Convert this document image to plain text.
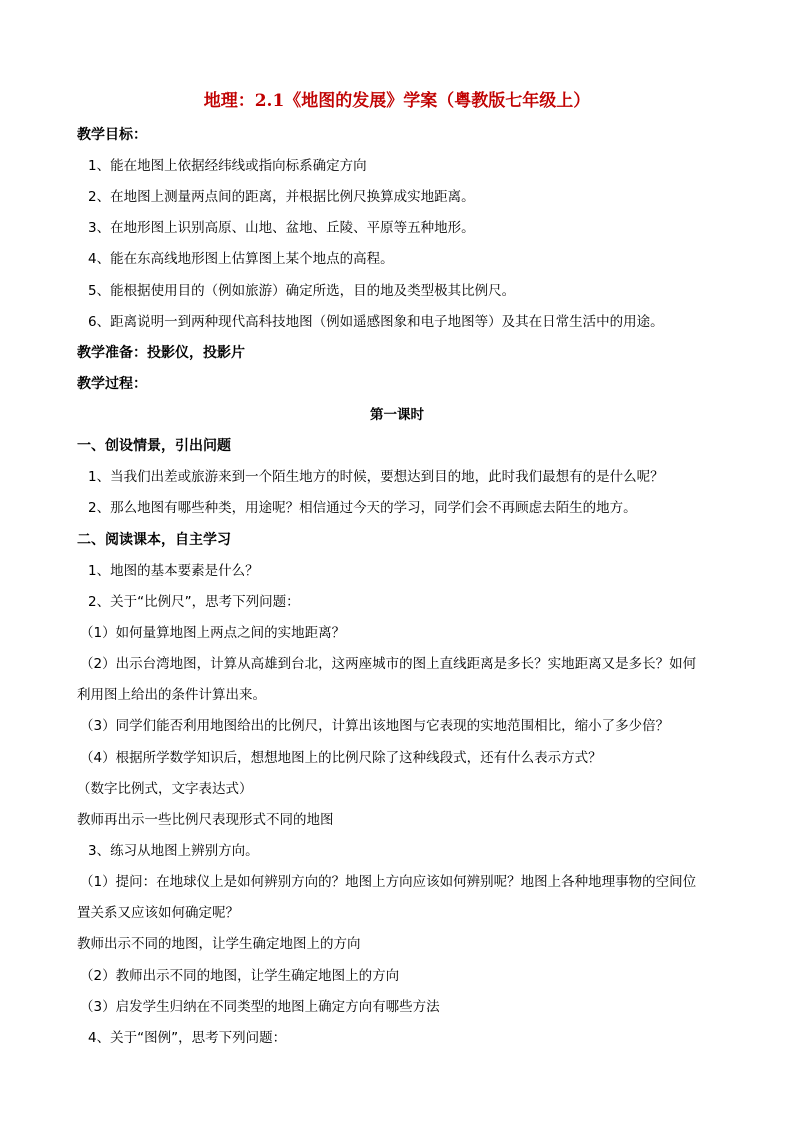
地理：2.1《地图的发展》学案（粤教版七年级上）
教学目标：
1、能在地图上依据经纬线或指向标系确定方向
2、在地图上测量两点间的距离，并根据比例尺换算成实地距离。
3、在地形图上识别高原、山地、盆地、丘陵、平原等五种地形。
4、能在东高线地形图上估算图上某个地点的高程。
5、能根据使用目的（例如旅游）确定所选，目的地及类型极其比例尺。
6、距离说明一到两种现代高科技地图（例如遥感图象和电子地图等）及其在日常生活中的用途。
教学准备：投影仪，投影片
教学过程：
第一课时
一、创设情景，引出问题
1、当我们出差或旅游来到一个陌生地方的时候，要想达到目的地，此时我们最想有的是什么呢？
2、那么地图有哪些种类，用途呢？相信通过今天的学习，同学们会不再顾虑去陌生的地方。
二、阅读课本，自主学习
1、地图的基本要素是什么？
2、关于“比例尺”，思考下列问题：
（1）如何量算地图上两点之间的实地距离？
（2）出示台湾地图，计算从高雄到台北，这两座城市的图上直线距离是多长？实地距离又是多长？如何
利用图上给出的条件计算出来。
（3）同学们能否利用地图给出的比例尺，计算出该地图与它表现的实地范围相比，缩小了多少倍？
（4）根据所学数学知识后，想想地图上的比例尺除了这种线段式，还有什么表示方式？
（数字比例式，文字表达式）
教师再出示一些比例尺表现形式不同的地图
3、练习从地图上辨别方向。
（1）提问：在地球仪上是如何辨别方向的？地图上方向应该如何辨别呢？地图上各种地理事物的空间位
置关系又应该如何确定呢？
教师出示不同的地图，让学生确定地图上的方向
（2）教师出示不同的地图，让学生确定地图上的方向
（3）启发学生归纳在不同类型的地图上确定方向有哪些方法
4、关于“图例”，思考下列问题：
